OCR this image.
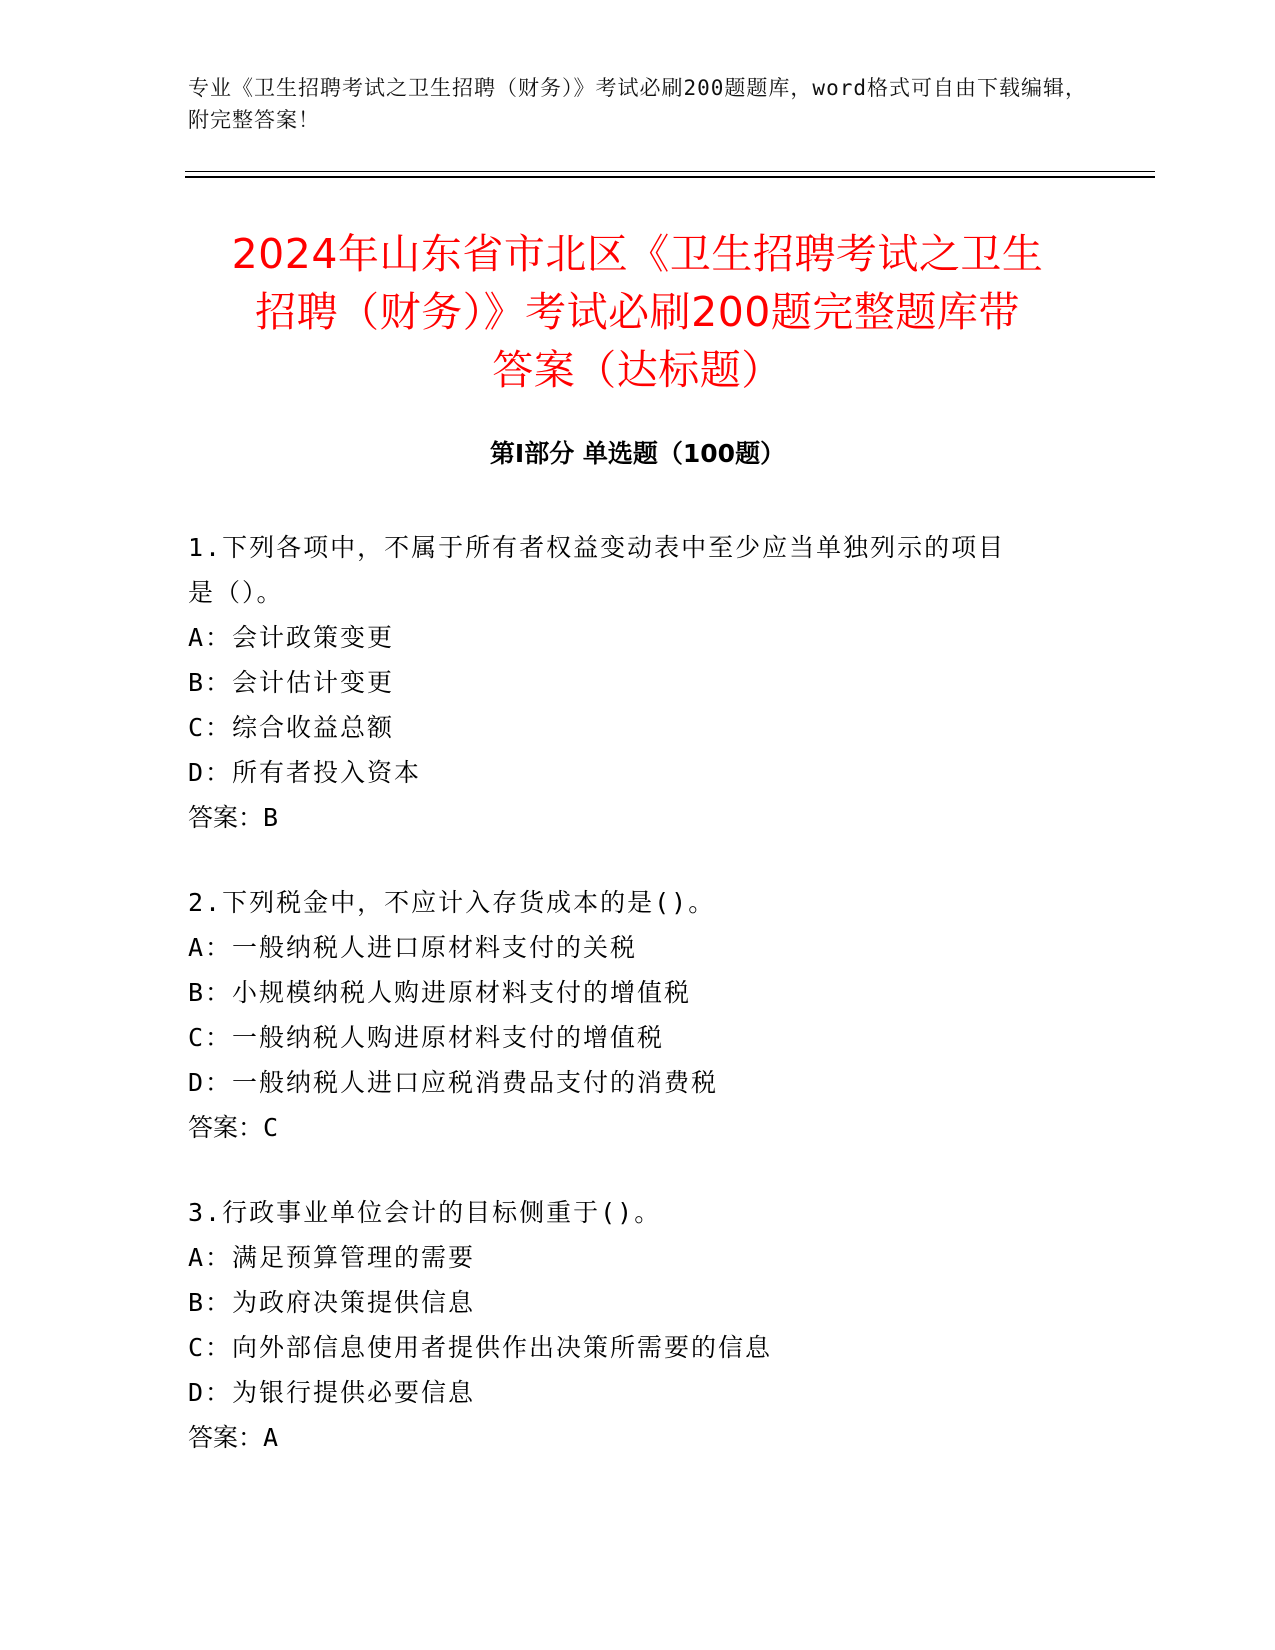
专业《卫生招聘考试之卫生招聘（财务）》考试必刷200题题库，word格式可自由下载编辑，附完整答案！

2024年山东省市北区《卫生招聘考试之卫生
招聘（财务）》考试必刷200题完整题库带
答案（达标题）
第Ⅰ部分 单选题（100题）

1.下列各项中，不属于所有者权益变动表中至少应当单独列示的项目

是（）。

A：会计政策变更

B：会计估计变更

C：综合收益总额

D：所有者投入资本

答案：B

2.下列税金中，不应计入存货成本的是()。

A：一般纳税人进口原材料支付的关税

B：小规模纳税人购进原材料支付的增值税

C：一般纳税人购进原材料支付的增值税

D：一般纳税人进口应税消费品支付的消费税

答案：C

3.行政事业单位会计的目标侧重于()。

A：满足预算管理的需要

B：为政府决策提供信息

C：向外部信息使用者提供作出决策所需要的信息

D：为银行提供必要信息

答案：A
